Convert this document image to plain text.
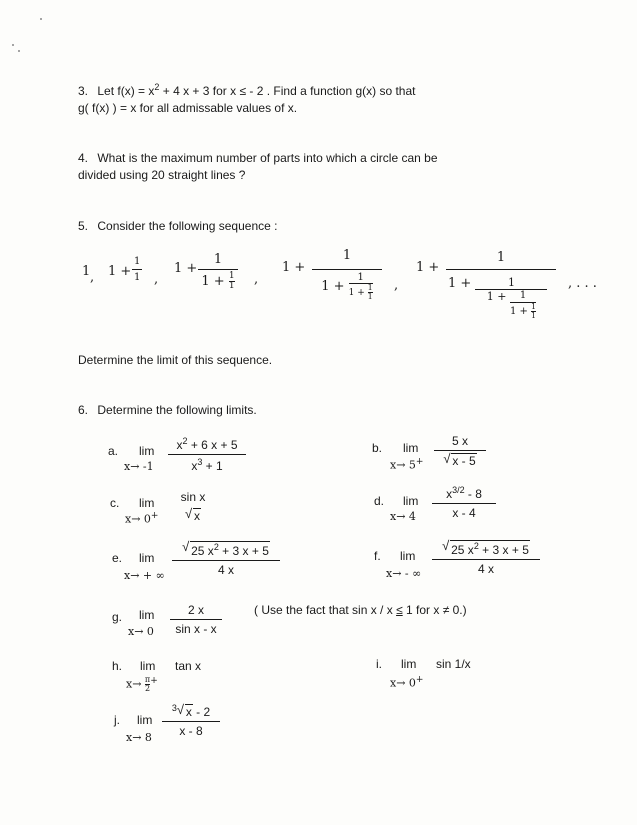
3. Let $f(x) = x^2 + 4$ x + 3 for x ≤ - 2 . Find a function g(x) so that
g( f(x) ) = x for all admissable values of x.
4. What is the maximum number of parts into which a circle can be
divided using 20 straight lines ?
5. Consider the following sequence :
1 , 1 +
1
1 ,
1 +
1
$1 + \frac{1}{1}$ ,
1 +
1
$1 + \frac{1}{1 + \frac{1}{1}}$ ,
1 +
1
1 +	1
$1 + \frac{1}{1 + \frac{1}{1}}$
, . . .
Determine the limit of this sequence.
6. Determine the following limits.
a. lim
x→ -1
$x^2 + 6$ x + 5
$x^3 + 1$
b. lim
x→ 5+
5 x
√ x - 5
c. lim
x→ 0+
sin x
√ x
d. lim
x→ 4
$x^{3/2} - 8$
x - 4
e. lim
x→ + ∞
√ 25 $x^2 + 3$ x + 5
4 x
f. lim
x→ - ∞
√ 25 $x^2 + 3$ x + 5
4 x
g. lim
x→ 0
2 x
sin x - x
( Use the fact that sin x / x ≤ 1 for x ≠ 0.)
h. lim
$x\to \frac{\pi}{2} ^+$
tan x	i. lim
x→ 0+
sin 1/x
j. lim
x→ 8
$^3$ √ x - 2
x - 8
